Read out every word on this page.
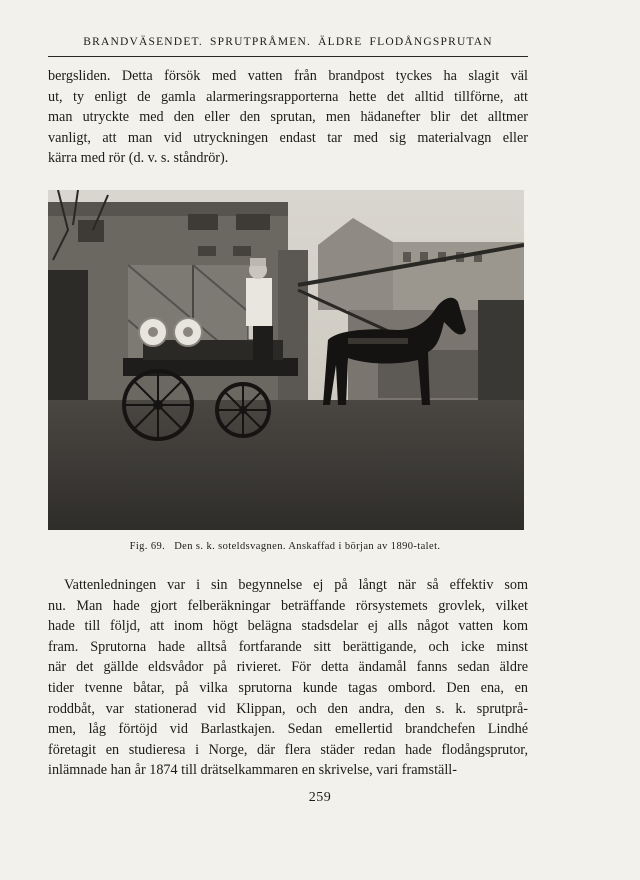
BRANDVÄSENDET. SPRUTPRÅMEN. ÄLDRE FLODÅNGSPRUTAN
bergsliden. Detta försök med vatten från brandpost tyckes ha slagit väl
ut, ty enligt de gamla alarmeringsrapporterna hette det alltid tillförne, att
man utryckte med den eller den sprutan, men hädanefter blir det alltmer
vanligt, att man vid utryckningen endast tar med sig materialvagn eller
kärra med rör (d. v. s. ståndrör).
Fig. 69. Den s. k. soteldsvagnen. Anskaffad i början av 1890-talet.
Vattenledningen var i sin begynnelse ej på långt när så effektiv som
nu. Man hade gjort felberäkningar beträffande rörsystemets grovlek, vilket
hade till följd, att inom högt belägna stadsdelar ej alls något vatten kom
fram. Sprutorna hade alltså fortfarande sitt berättigande, och icke minst
när det gällde eldsvådor på rivieret. För detta ändamål fanns sedan äldre
tider tvenne båtar, på vilka sprutorna kunde tagas ombord. Den ena, en
roddbåt, var stationerad vid Klippan, och den andra, den s. k. sprutprå-
men, låg förtöjd vid Barlastkajen. Sedan emellertid brandchefen Lindhé
företagit en studieresa i Norge, där flera städer redan hade flodångsprutor,
inlämnade han år 1874 till drätselkammaren en skrivelse, vari framställ-
259
